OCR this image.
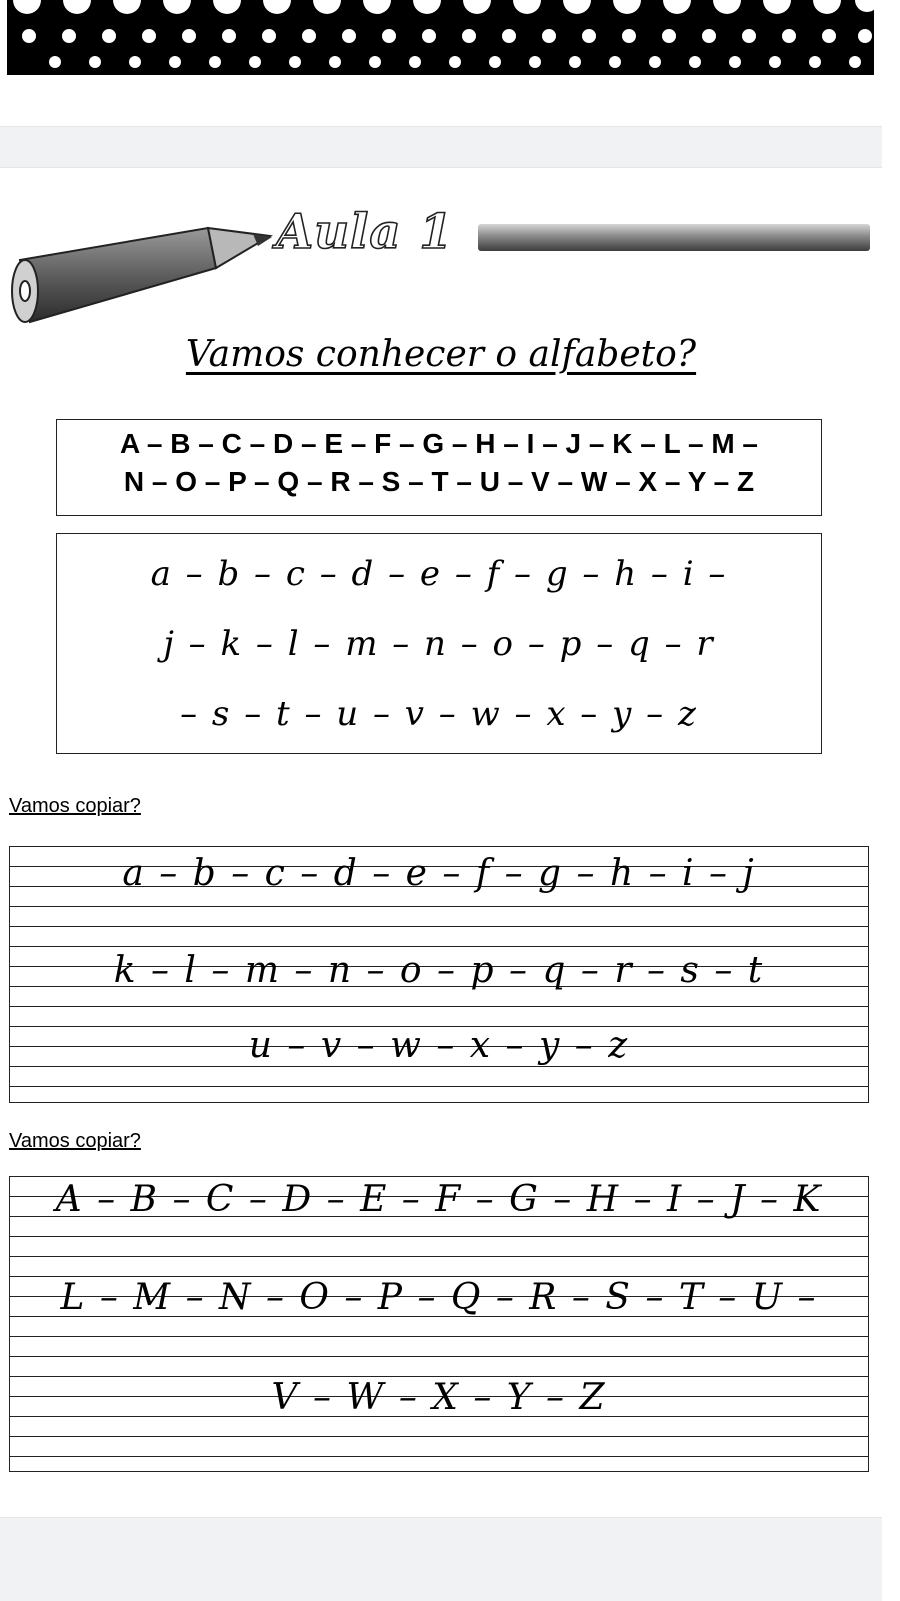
Aula 1
Vamos conhecer o alfabeto?
A – B – C – D – E – F – G – H – I – J – K – L – M –
N – O – P – Q – R – S – T – U – V – W – X – Y – Z
a – b – c – d – e – f – g – h – i –
j – k – l – m – n – o – p – q – r
– s – t – u – v – w – x – y – z
Vamos copiar?
a – b – c – d – e – f – g – h – i – j
k – l – m – n – o – p – q – r – s – t
u – v – w – x – y – z
Vamos copiar?
A – B – C – D – E – F – G – H – I – J – K
L – M – N – O – P – Q – R – S – T – U –
V – W – X – Y – Z
